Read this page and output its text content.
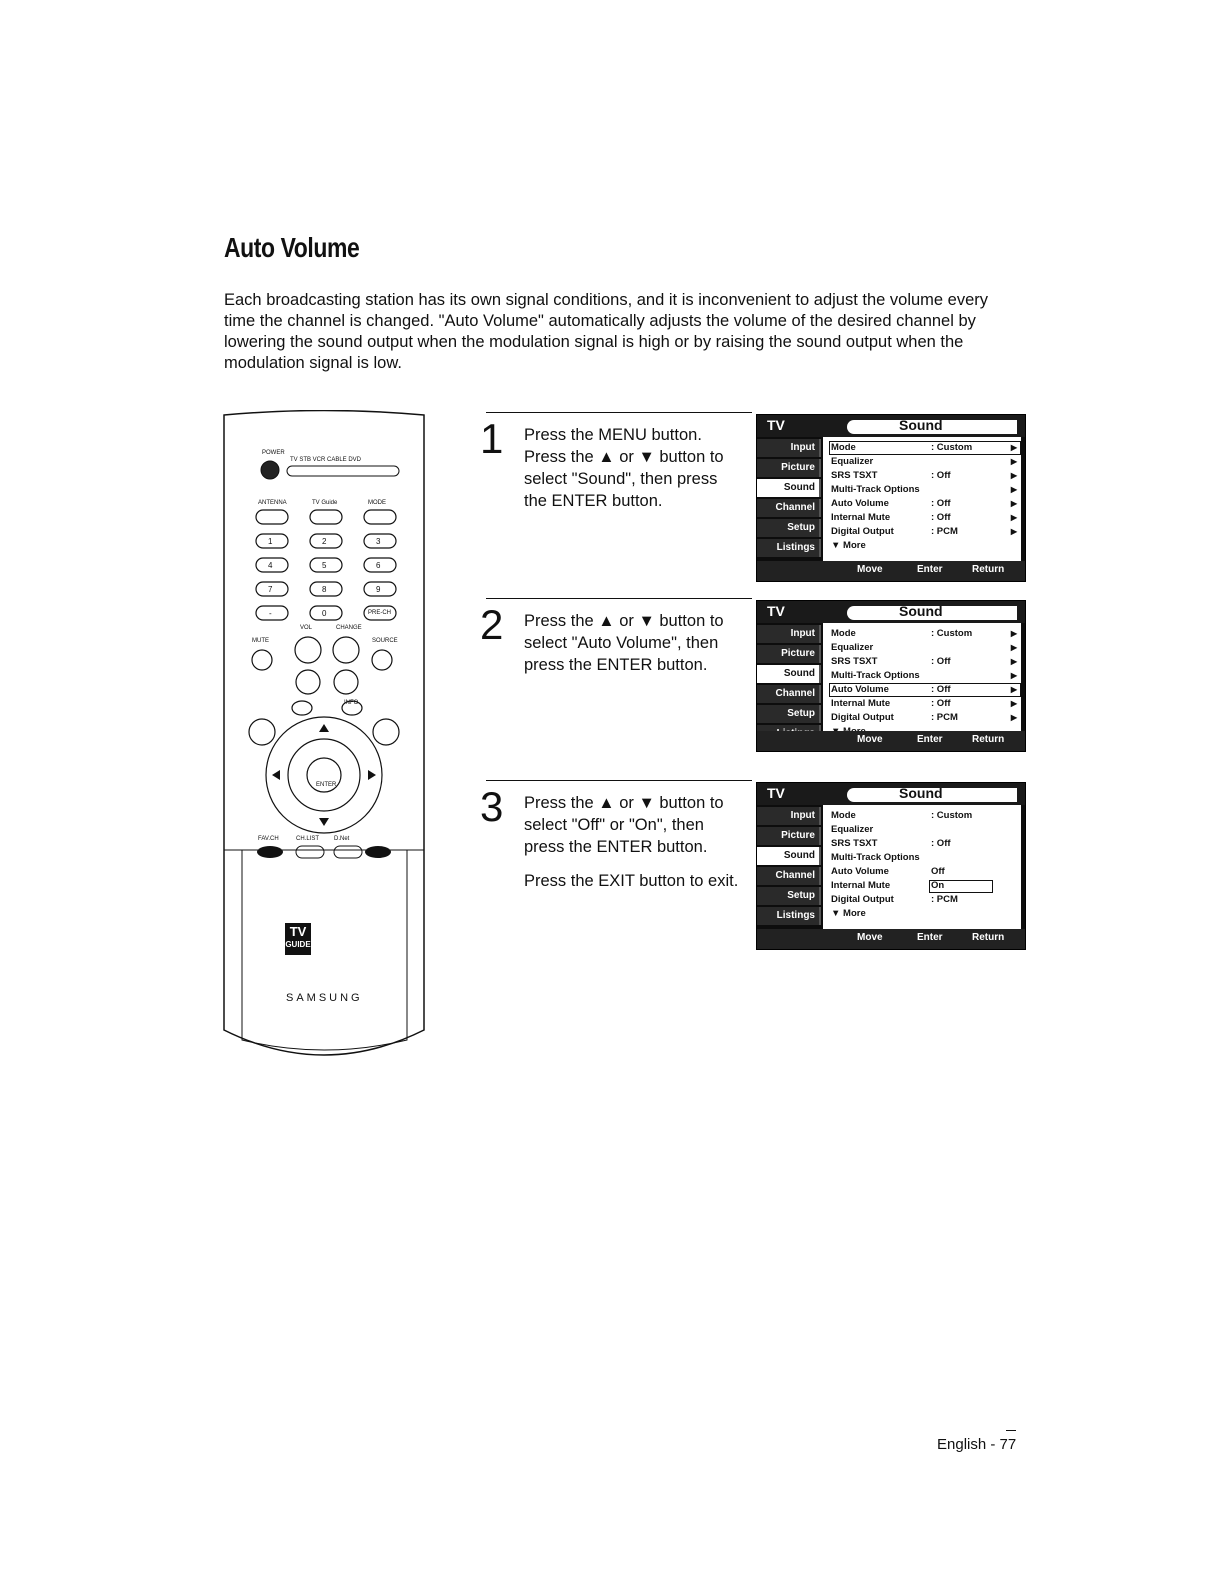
Auto Volume

Each broadcasting station has its own signal conditions, and it is inconvenient to adjust the volume every time the channel is changed. "Auto Volume" automatically adjusts the volume of the desired channel by lowering the sound output when the modulation signal is high or by raising the sound output when the modulation signal is low.

POWER
TV STB VCR CABLE DVD
ANTENNA	TV Guide	MODE
1	2	3
4	5	6
7	8	9
-	0	PRE-CH
VOL	CHANGE
MUTE	SOURCE
INFO
ENTER
FAV.CH	CH.LIST D.Net
TV
GUIDE
SAMSUNG
1 Press the MENU button. Press the ▲ or ▼ button to select "Sound", then press the ENTER button.

TV	Sound
Input
Picture
Sound
Channel
Setup
Listings
Mode	: Custom	▶
Equalizer	▶
SRS TSXT	: Off	▶
Multi-Track Options	▶
Auto Volume	: Off	▶
Internal Mute	: Off	▶
Digital Output	: PCM	▶
▼ More
Move	Enter	Return
2 Press the ▲ or ▼ button to select "Auto Volume", then press the ENTER button.

TV	Sound
Input
Picture
Sound
Channel
Setup
Mode	: Custom	▶
Equalizer	▶
SRS TSXT	: Off	▶
Multi-Track Options	▶
Auto Volume	: Off	▶
Internal Mute	: Off	▶
Digital Output	: PCM	▶
Move	Enter	Return
3 Press the ▲ or ▼ button to select "Off" or "On", then press the ENTER button.

Press the EXIT button to exit.

TV	Sound
Input
Picture
Sound
Channel
Setup
Listings
Mode	: Custom
Equalizer
SRS TSXT	: Off
Multi-Track Options
Auto Volume	Off
Internal Mute	On
Digital Output	: PCM
▼ More
Move	Enter	Return
English - 77
